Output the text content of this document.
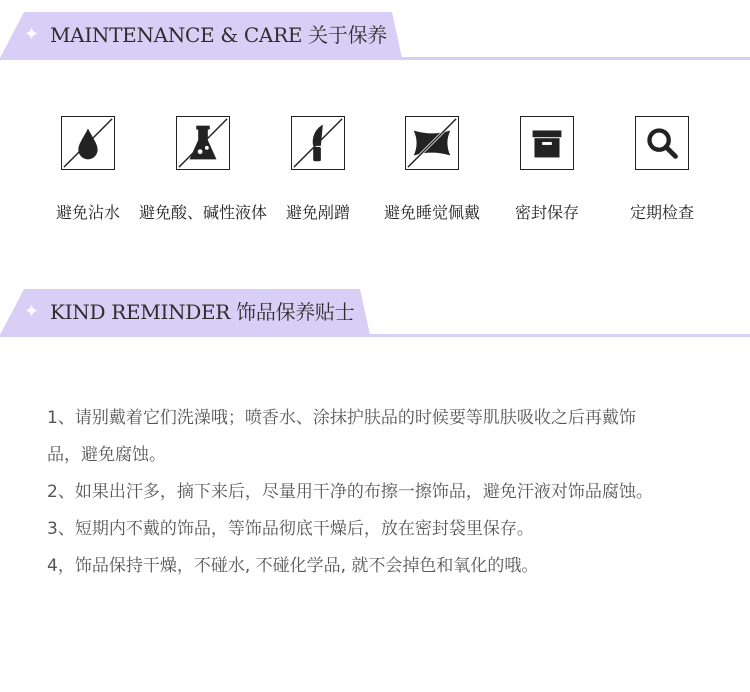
✦ MAINTENANCE & CARE 关于保养
避免沾水 避免酸、碱性液体 避免剐蹭 避免睡觉佩戴 密封保存	定期检查
✦ KIND REMINDER 饰品保养贴士
1、请别戴着它们洗澡哦；喷香水、涂抹护肤品的时候要等肌肤吸收之后再戴饰
品，避免腐蚀。
2、如果出汗多，摘下来后，尽量用干净的布擦一擦饰品，避免汗液对饰品腐蚀。
3、短期内不戴的饰品，等饰品彻底干燥后，放在密封袋里保存。
4，饰品保持干燥，不碰水, 不碰化学品, 就不会掉色和氧化的哦。
